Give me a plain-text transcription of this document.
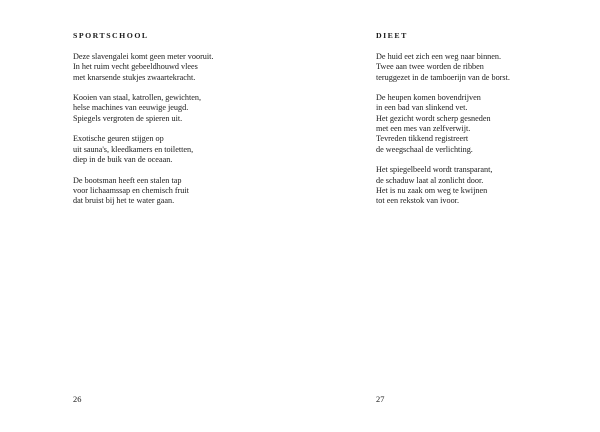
SPORTSCHOOL
Deze slavengalei komt geen meter vooruit.
In het ruim vecht gebeeldhouwd vlees
met knarsende stukjes zwaartekracht.
Kooien van staal, katrollen, gewichten,
helse machines van eeuwige jeugd.
Spiegels vergroten de spieren uit.
Exotische geuren stijgen op
uit sauna's, kleedkamers en toiletten,
diep in de buik van de oceaan.
De bootsman heeft een stalen tap
voor lichaamssap en chemisch fruit
dat bruist bij het te water gaan.
26
DIEET
De huid eet zich een weg naar binnen.
Twee aan twee worden de ribben
teruggezet in de tamboerijn van de borst.
De heupen komen bovendrijven
in een bad van slinkend vet.
Het gezicht wordt scherp gesneden
met een mes van zelfverwijt.
Tevreden tikkend registreert
de weegschaal de verlichting.
Het spiegelbeeld wordt transparant,
de schaduw laat al zonlicht door.
Het is nu zaak om weg te kwijnen
tot een rekstok van ivoor.
27
